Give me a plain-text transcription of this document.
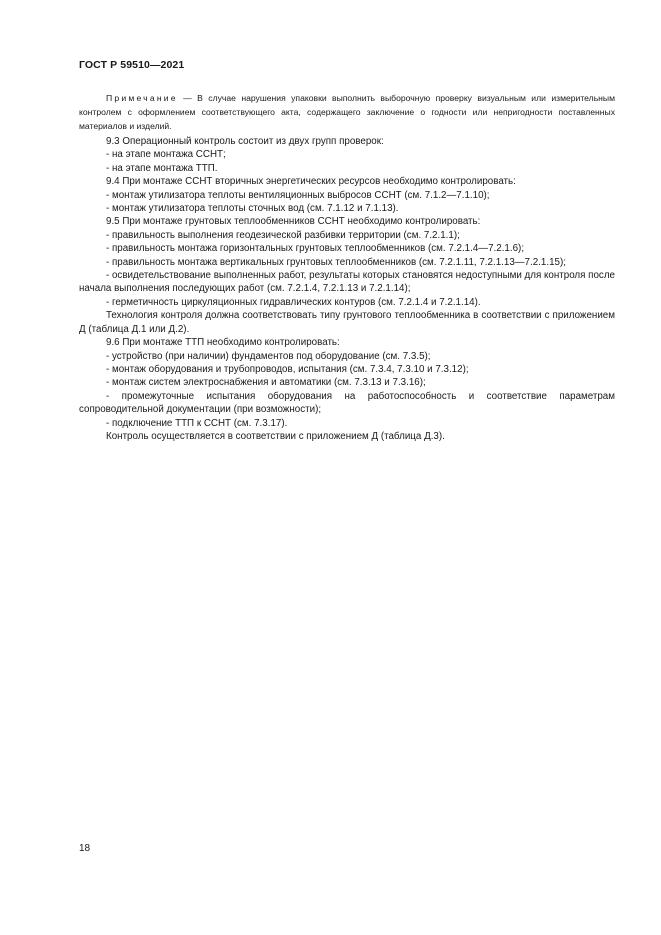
ГОСТ Р 59510—2021
Примечание — В случае нарушения упаковки выполнить выборочную проверку визуальным или измерительным контролем с оформлением соответствующего акта, содержащего заключение о годности или непригодности поставленных материалов и изделий.

9.3 Операционный контроль состоит из двух групп проверок:

- на этапе монтажа ССНТ;

- на этапе монтажа ТТП.

9.4 При монтаже ССНТ вторичных энергетических ресурсов необходимо контролировать:

- монтаж утилизатора теплоты вентиляционных выбросов ССНТ (см. 7.1.2—7.1.10);

- монтаж утилизатора теплоты сточных вод (см. 7.1.12 и 7.1.13).

9.5 При монтаже грунтовых теплообменников ССНТ необходимо контролировать:

- правильность выполнения геодезической разбивки территории (см. 7.2.1.1);

- правильность монтажа горизонтальных грунтовых теплообменников (см. 7.2.1.4—7.2.1.6);

- правильность монтажа вертикальных грунтовых теплообменников (см. 7.2.1.11, 7.2.1.13—7.2.1.15);

- освидетельствование выполненных работ, результаты которых становятся недоступными для контроля после начала выполнения последующих работ (см. 7.2.1.4, 7.2.1.13 и 7.2.1.14);

- герметичность циркуляционных гидравлических контуров (см. 7.2.1.4 и 7.2.1.14).

Технология контроля должна соответствовать типу грунтового теплообменника в соответствии с приложением Д (таблица Д.1 или Д.2).

9.6 При монтаже ТТП необходимо контролировать:

- устройство (при наличии) фундаментов под оборудование (см. 7.3.5);

- монтаж оборудования и трубопроводов, испытания (см. 7.3.4, 7.3.10 и 7.3.12);

- монтаж систем электроснабжения и автоматики (см. 7.3.13 и 7.3.16);

- промежуточные испытания оборудования на работоспособность и соответствие параметрам сопроводительной документации (при возможности);

- подключение ТТП к ССНТ (см. 7.3.17).

Контроль осуществляется в соответствии с приложением Д (таблица Д.3).

18
